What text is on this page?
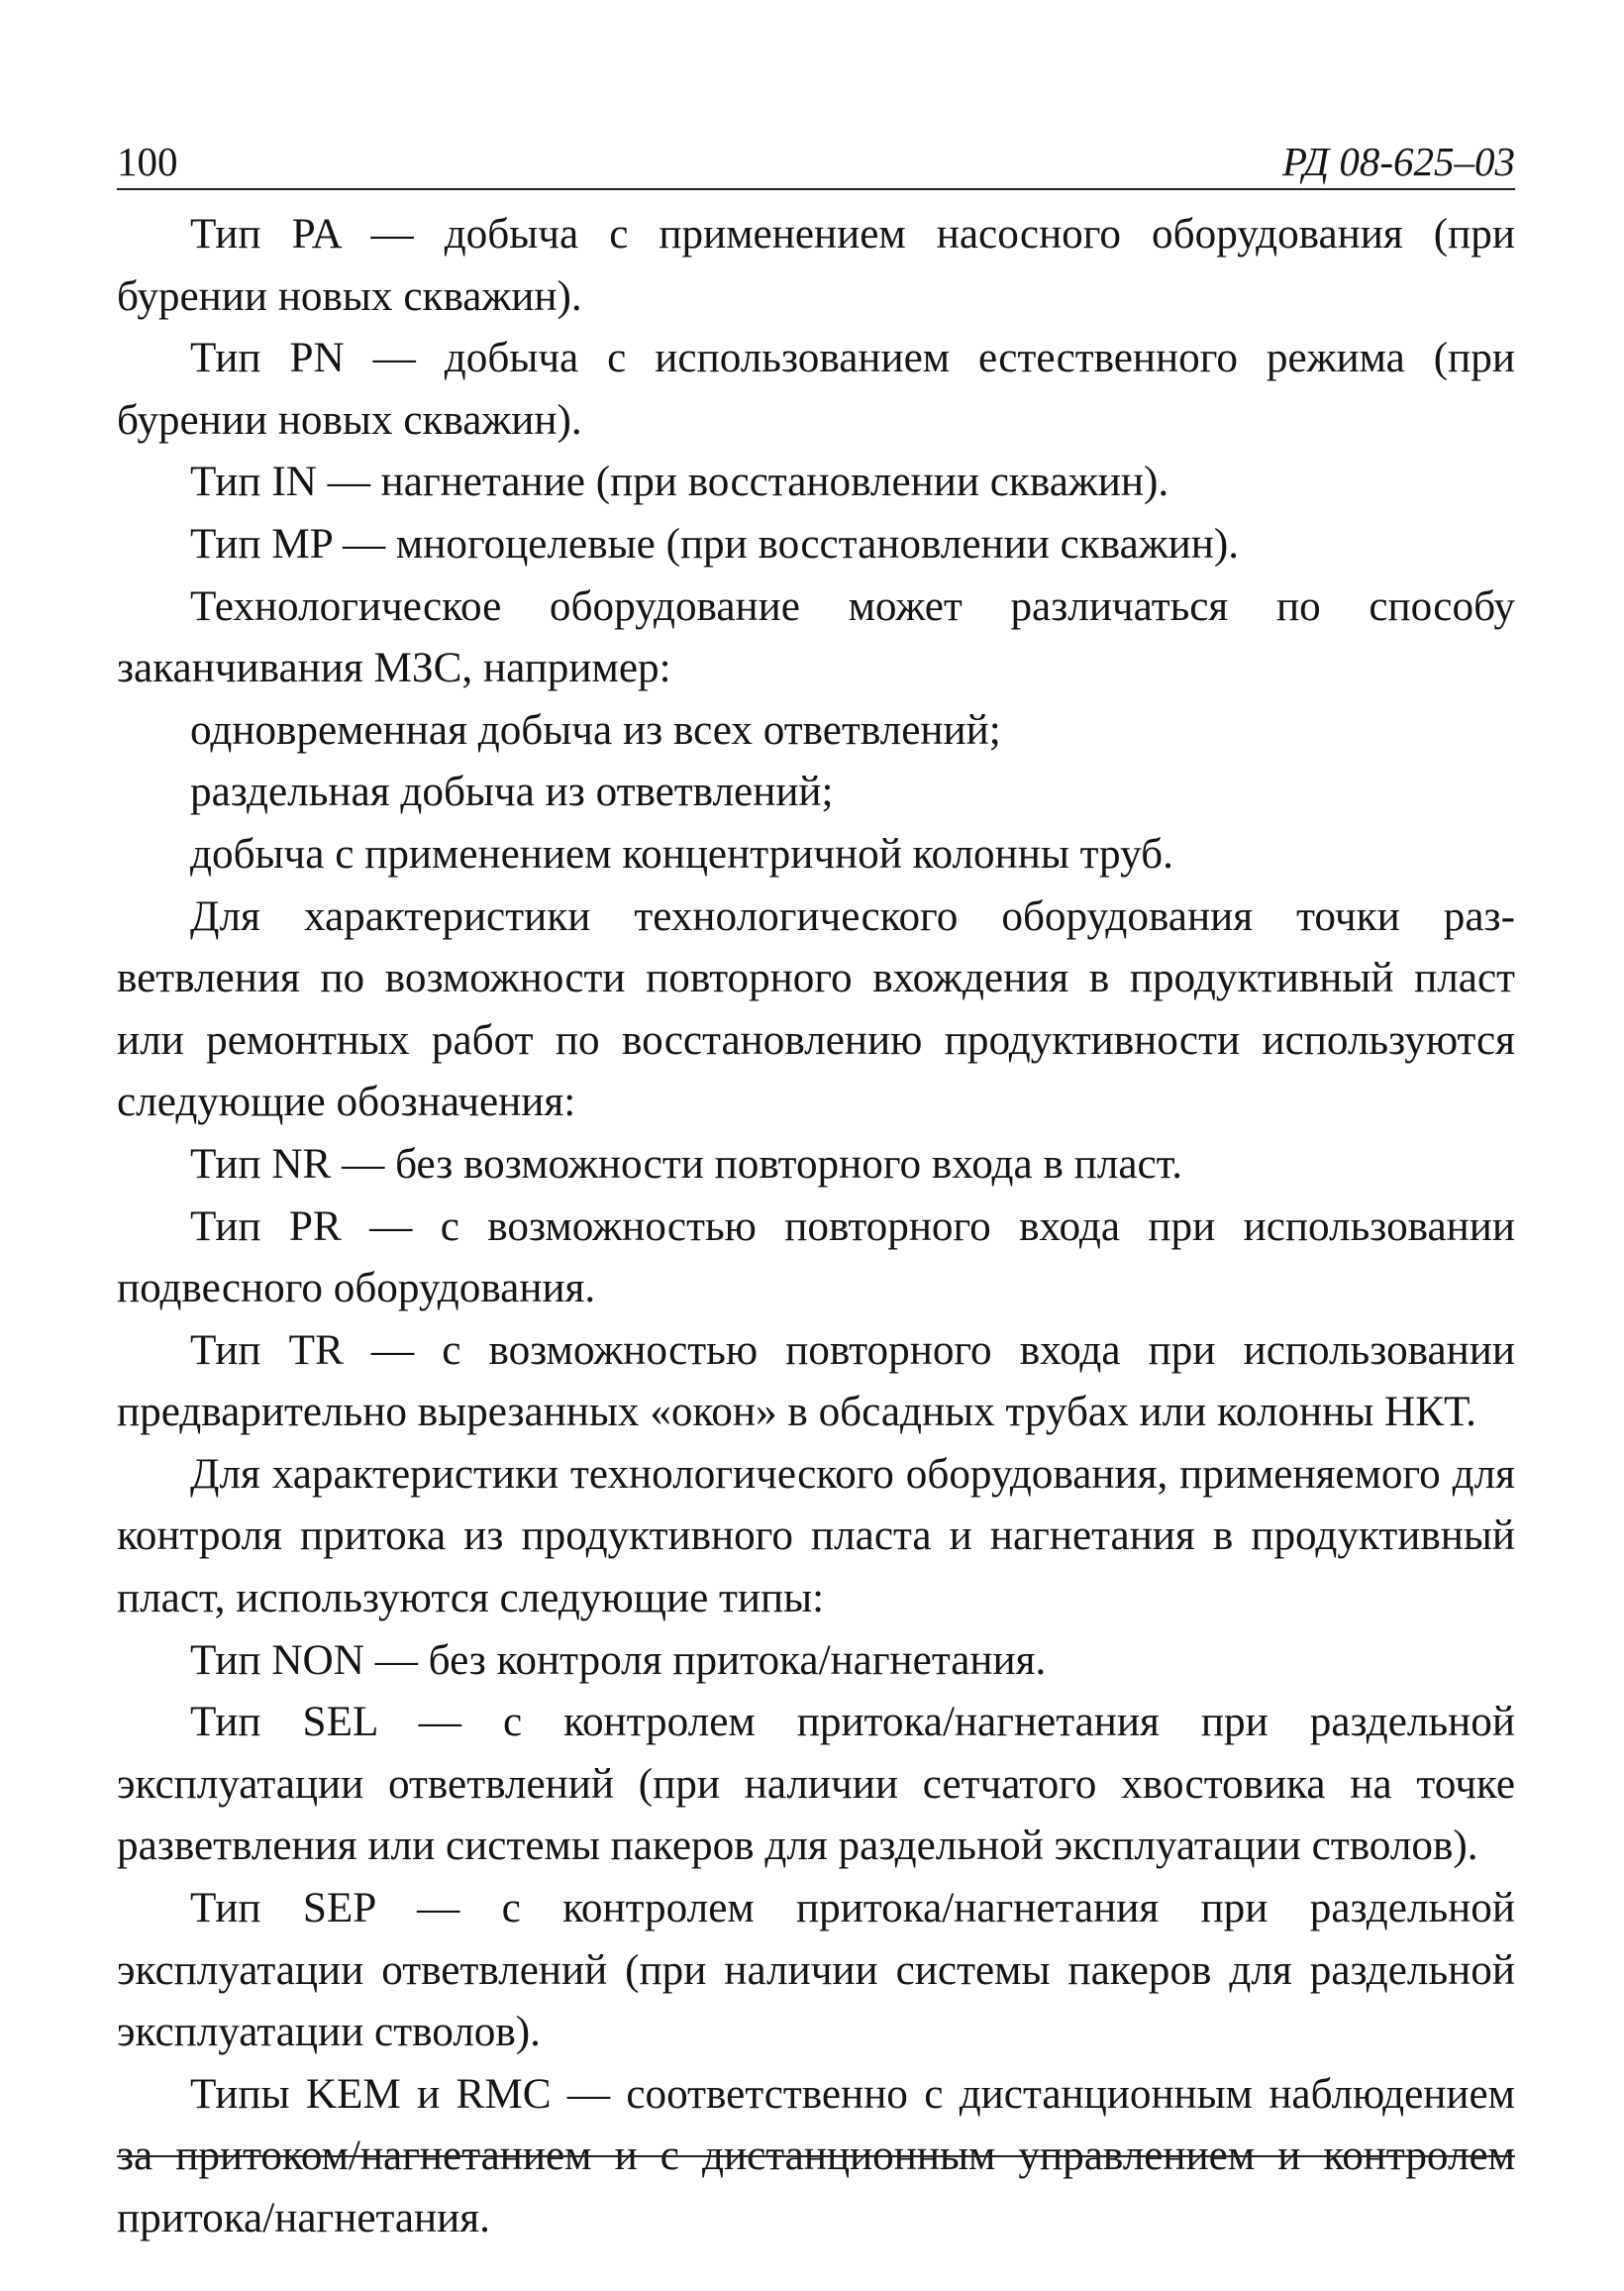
100	РД 08-625–03

Тип PA — добыча с применением насосного оборудования (при бурении новых скважин).

Тип PN — добыча с использованием естественного режима (при бурении новых скважин).

Тип IN — нагнетание (при восстановлении скважин).

Тип MP — многоцелевые (при восстановлении скважин).

Технологическое оборудование может различаться по способу заканчивания МЗС, например:

одновременная добыча из всех ответвлений;

раздельная добыча из ответвлений;

добыча с применением концентричной колонны труб.

Для характеристики технологического оборудования точки разветвления по возможности повторного вхождения в продуктивный пласт или ремонтных работ по восстановлению продуктивности используются следующие обозначения:

Тип NR — без возможности повторного входа в пласт.

Тип PR — с возможностью повторного входа при использовании подвесного оборудования.

Тип TR — с возможностью повторного входа при использовании предварительно вырезанных «окон» в обсадных трубах или колонны НКТ.

Для характеристики технологического оборудования, применяемого для контроля притока из продуктивного пласта и нагнетания в продуктивный пласт, используются следующие типы:

Тип NON — без контроля притока/нагнетания.

Тип SEL — с контролем притока/нагнетания при раздельной эксплуатации ответвлений (при наличии сетчатого хвостовика на точке разветвления или системы пакеров для раздельной эксплуатации стволов).

Тип SEP — с контролем притока/нагнетания при раздельной эксплуатации ответвлений (при наличии системы пакеров для раздельной эксплуатации стволов).

Типы KEM и RMC — соответственно с дистанционным наблюдением за притоком/нагнетанием и с дистанционным управлением и контролем притока/нагнетания.
